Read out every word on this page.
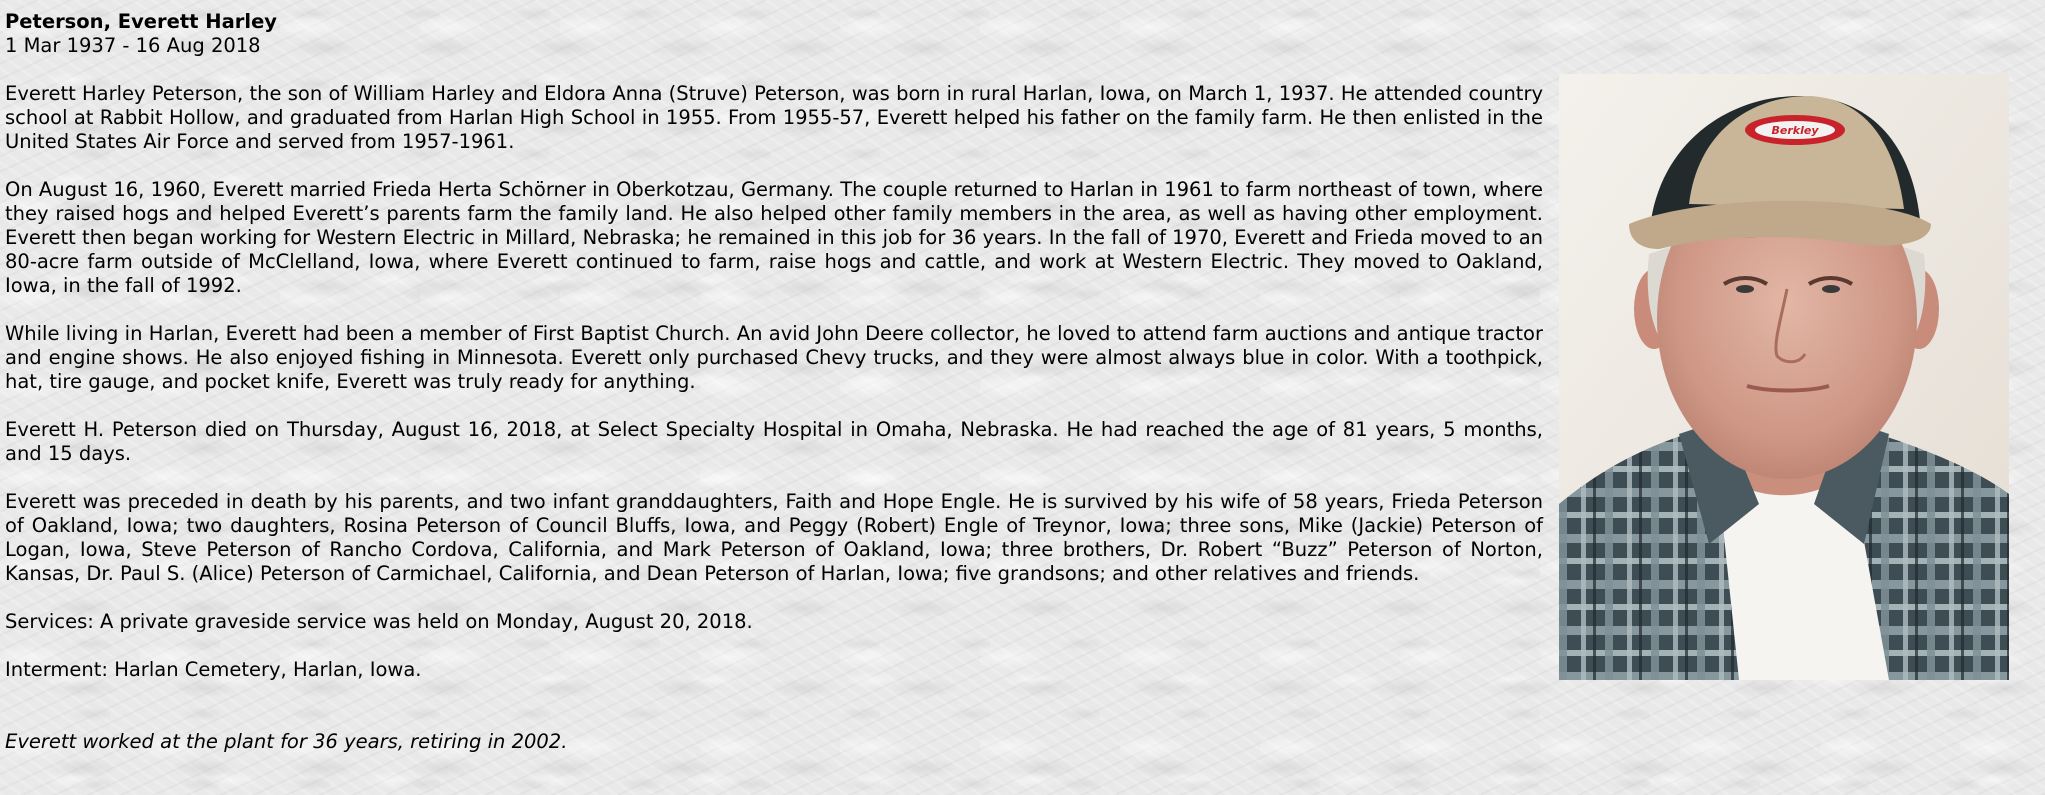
Berkley
Peterson, Everett Harley
1 Mar 1937 - 16 Aug 2018

Everett Harley Peterson, the son of William Harley and Eldora Anna (Struve) Peterson, was born in rural Harlan, Iowa, on March 1, 1937. He attended country school at Rabbit Hollow, and graduated from Harlan High School in 1955. From 1955-57, Everett helped his father on the family farm. He then enlisted in the United States Air Force and served from 1957-1961.

On August 16, 1960, Everett married Frieda Herta Schörner in Oberkotzau, Germany. The couple returned to Harlan in 1961 to farm northeast of town, where they raised hogs and helped Everett’s parents farm the family land. He also helped other family members in the area, as well as having other employment. Everett then began working for Western Electric in Millard, Nebraska; he remained in this job for 36 years. In the fall of 1970, Everett and Frieda moved to an 80-acre farm outside of McClelland, Iowa, where Everett continued to farm, raise hogs and cattle, and work at Western Electric. They moved to Oakland, Iowa, in the fall of 1992.

While living in Harlan, Everett had been a member of First Baptist Church. An avid John Deere collector, he loved to attend farm auctions and antique tractor and engine shows. He also enjoyed fishing in Minnesota. Everett only purchased Chevy trucks, and they were almost always blue in color. With a toothpick, hat, tire gauge, and pocket knife, Everett was truly ready for anything.

Everett H. Peterson died on Thursday, August 16, 2018, at Select Specialty Hospital in Omaha, Nebraska. He had reached the age of 81 years, 5 months, and 15 days.

Everett was preceded in death by his parents, and two infant granddaughters, Faith and Hope Engle. He is survived by his wife of 58 years, Frieda Peterson of Oakland, Iowa; two daughters, Rosina Peterson of Council Bluffs, Iowa, and Peggy (Robert) Engle of Treynor, Iowa; three sons, Mike (Jackie) Peterson of Logan, Iowa, Steve Peterson of Rancho Cordova, California, and Mark Peterson of Oakland, Iowa; three brothers, Dr. Robert “Buzz” Peterson of Norton, Kansas, Dr. Paul S. (Alice) Peterson of Carmichael, California, and Dean Peterson of Harlan, Iowa; five grandsons; and other relatives and friends.

Services: A private graveside service was held on Monday, August 20, 2018.

Interment: Harlan Cemetery, Harlan, Iowa.

Everett worked at the plant for 36 years, retiring in 2002.
